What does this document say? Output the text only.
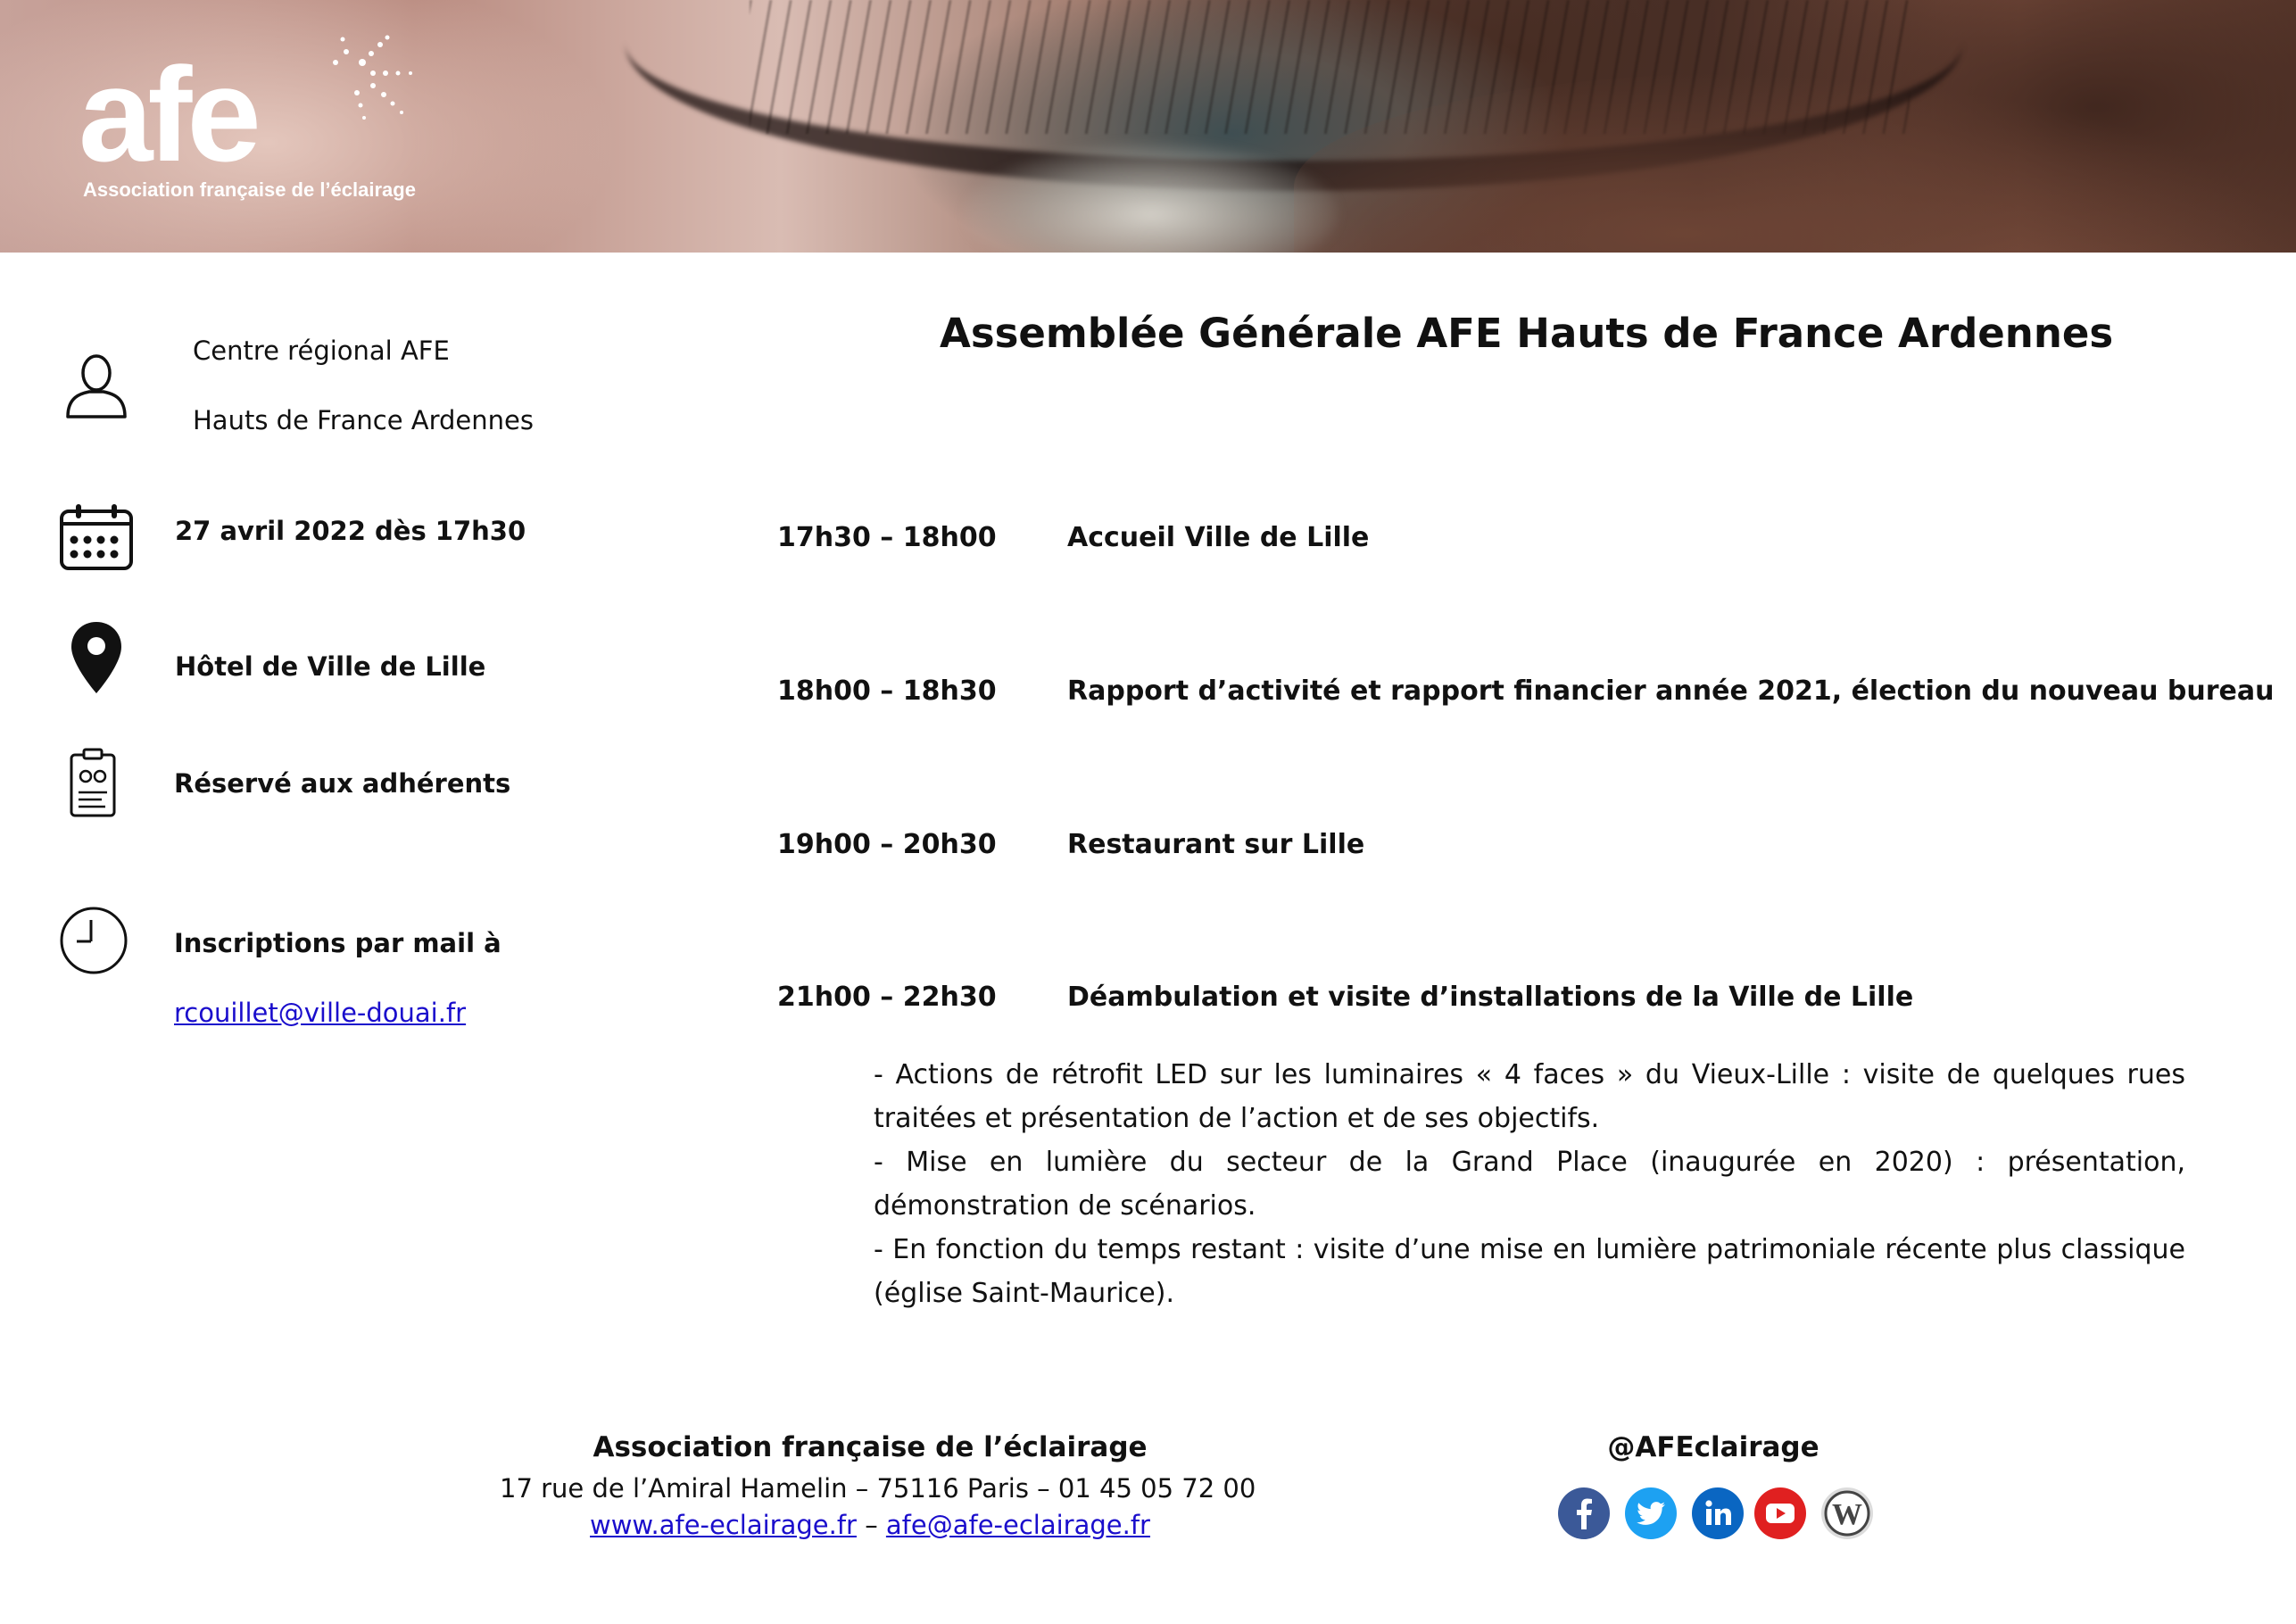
afe
Association française de l’éclairage
Centre régional AFE
Hauts de France Ardennes
27 avril 2022 dès 17h30
Hôtel de Ville de Lille
Réservé aux adhérents
Inscriptions par mail à
rcouillet@ville-douai.fr
Assemblée Générale AFE Hauts de France Ardennes
17h30 – 18h00	Accueil Ville de Lille
18h00 – 18h30	Rapport d’activité et rapport financier année 2021, élection du nouveau bureau
19h00 – 20h30	Restaurant sur Lille
21h00 – 22h30	Déambulation et visite d’installations de la Ville de Lille

- Actions de rétrofit LED sur les luminaires « 4 faces » du Vieux-Lille : visite de quelques rues traitées et présentation de l’action et de ses objectifs.

- Mise en lumière du secteur de la Grand Place (inaugurée en 2020) : présentation, démonstration de scénarios.

- En fonction du temps restant : visite d’une mise en lumière patrimoniale récente plus classique (église Saint-Maurice).

Association française de l’éclairage
17 rue de l’Amiral Hamelin – 75116 Paris – 01 45 05 72 00
www.afe-eclairage.fr – afe@afe-eclairage.fr
@AFEclairage
W
